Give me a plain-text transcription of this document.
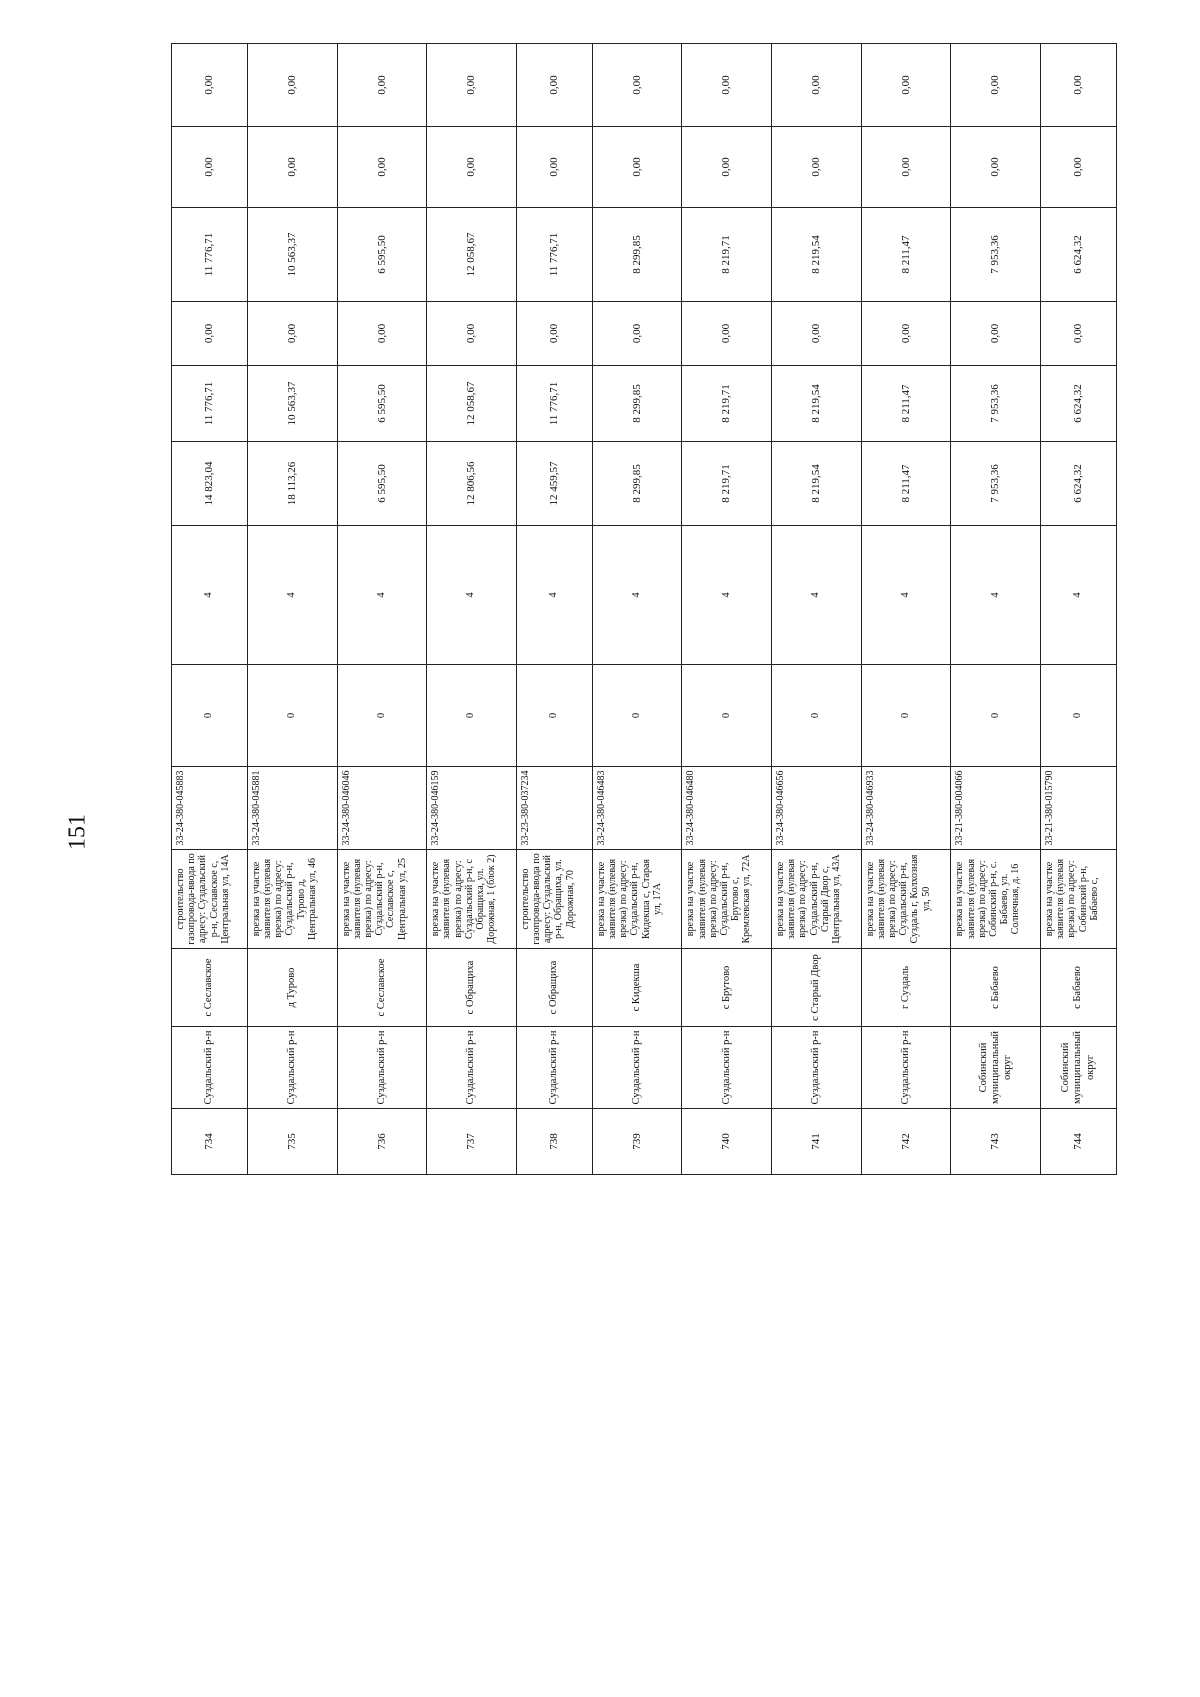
151
734	Суздальский р-н	с Сеславское	строительство газопровода-ввода по адресу: Суздальский р-н, Сеславское с, Центральная ул, 14А	33-24-380-045883	0	4	14 823,04	11 776,71	0,00	11 776,71	0,00	0,00
735	Суздальский р-н	д Турово	врезка на участке заявителя (нулевая врезка) по адресу: Суздальский р-н, Турово д, Центральная ул, 46	33-24-380-045881	0	4	18 113,26	10 563,37	0,00	10 563,37	0,00	0,00
736	Суздальский р-н	с Сеславское	врезка на участке заявителя (нулевая врезка) по адресу: Суздальский р-н, Сеславское с, Центральная ул, 25	33-24-380-046046	0	4	6 595,50	6 595,50	0,00	6 595,50	0,00	0,00
737	Суздальский р-н	с Обращиха	врезка на участке заявителя (нулевая врезка) по адресу: Суздальский р-н, с Обращиха, ул. Дорожная, 1 (блок 2)	33-24-380-046159	0	4	12 806,56	12 058,67	0,00	12 058,67	0,00	0,00
738	Суздальский р-н	с Обращиха	строительство газопровода-ввода по адресу: Суздальский р-н, Обращиха, ул. Дорожная, 70	33-23-380-037234	0	4	12 459,57	11 776,71	0,00	11 776,71	0,00	0,00
739	Суздальский р-н	с Кидекша	врезка на участке заявителя (нулевая врезка) по адресу: Суздальский р-н, Кидекша с, Старая ул, 17А	33-24-380-046483	0	4	8 299,85	8 299,85	0,00	8 299,85	0,00	0,00
740	Суздальский р-н	с Брутово	врезка на участке заявителя (нулевая врезка) по адресу: Суздальский р-н, Брутово с, Кремлевская ул, 72А	33-24-380-046480	0	4	8 219,71	8 219,71	0,00	8 219,71	0,00	0,00
741	Суздальский р-н	с Старый Двор	врезка на участке заявителя (нулевая врезка) по адресу: Суздальский р-н, Старый Двор с, Центральная ул, 43А	33-24-380-046656	0	4	8 219,54	8 219,54	0,00	8 219,54	0,00	0,00
742	Суздальский р-н	г Суздаль	врезка на участке заявителя (нулевая врезка) по адресу: Суздальский р-н, Суздаль г, Колхозная ул, 50	33-24-380-046933	0	4	8 211,47	8 211,47	0,00	8 211,47	0,00	0,00
743	Собинский муниципальный округ	с Бабаево	врезка на участке заявителя (нулевая врезка) по адресу: Собинский р-н, с. Бабаево, ул. Солнечная, д. 16	33-21-380-004066	0	4	7 953,36	7 953,36	0,00	7 953,36	0,00	0,00
744	Собинский муниципальный округ	с Бабаево	врезка на участке заявителя (нулевая врезка) по адресу: Собинский р-н, Бабаево с,	33-21-380-015790	0	4	6 624,32	6 624,32	0,00	6 624,32	0,00	0,00
